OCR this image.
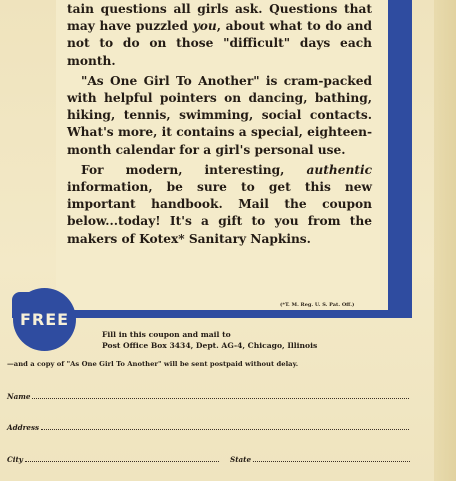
tain questions all girls ask. Questions that may have puzzled you, about what to do and not to do on those "difficult" days each month.

"As One Girl To Another" is cram-packed with helpful pointers on dancing, bathing, hiking, tennis, swimming, social contacts. What's more, it contains a special, eighteen-month calendar for a girl's personal use.

For modern, interesting, authentic information, be sure to get this new important handbook. Mail the coupon below...today! It's a gift to you from the makers of Kotex* Sanitary Napkins.

(*T. M. Reg. U. S. Pat. Off.)
FREE
Fill in this coupon and mail to
Post Office Box 3434, Dept. AG-4, Chicago, Illinois
—and a copy of "As One Girl To Another" will be sent postpaid without delay.
Name
Address
City	State
